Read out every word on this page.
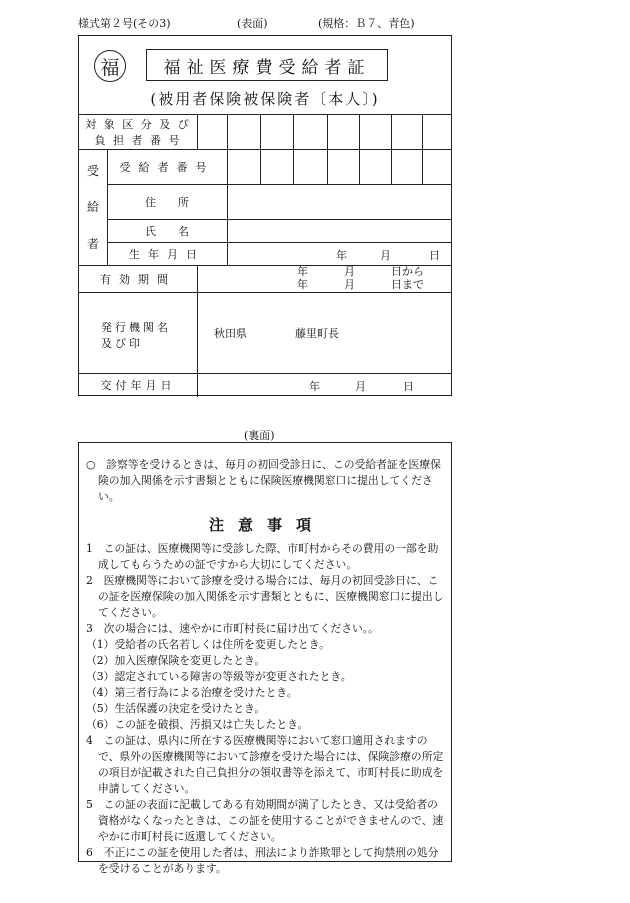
様式第２号(その3)	(表面)	(規格：Ｂ７、青色)
福	福祉医療費受給者証
(被用者保険被保険者〔本人〕)
対 象 区 分 及 び
負 担 者 番 号
受
給
者
受給者番号
住　　所
氏　　名
生年月日	年	月	日
有効期間
年	月	日から
年	月	日まで
発行機関名
及び印
秋田県	藤里町長
交付年月日	年	月	日
(裏面)

○　診察等を受けるときは、毎月の初回受診日に、この受給者証を医療保険の加入関係を示す書類とともに保険医療機関窓口に提出してください。

注意事項

1　この証は、医療機関等に受診した際、市町村からその費用の一部を助成してもらうための証ですから大切にしてください。

2　医療機関等において診療を受ける場合には、毎月の初回受診日に、この証を医療保険の加入関係を示す書類とともに、医療機関窓口に提出してください。

3　次の場合には、速やかに市町村長に届け出てください。。

（1）受給者の氏名若しくは住所を変更したとき。

（2）加入医療保険を変更したとき。

（3）認定されている障害の等級等が変更されたとき。

（4）第三者行為による治療を受けたとき。

（5）生活保護の決定を受けたとき。

（6）この証を破損、汚損又は亡失したとき。

4　この証は、県内に所在する医療機関等において窓口適用されますので、県外の医療機関等において診療を受けた場合には、保険診療の所定の項目が記載された自己負担分の領収書等を添えて、市町村長に助成を申請してください。

5　この証の表面に記載してある有効期間が満了したとき、又は受給者の資格がなくなったときは、この証を使用することができませんので、速やかに市町村長に返還してください。

6　不正にこの証を使用した者は、刑法により詐欺罪として拘禁刑の処分を受けることがあります。
